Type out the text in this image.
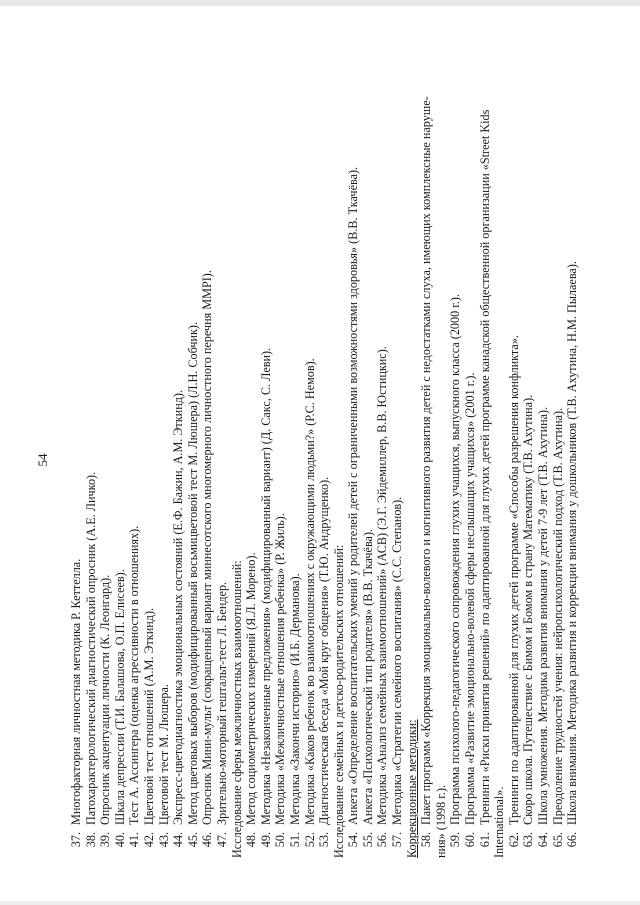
54
37.Многофакторная личностная методика Р. Кеттелла.
38.Патохарактерологический диагностический опросник (А.Е. Личко).
39.Опросник акцентуации личности (К. Леонгард).
40.Шкала депрессии (Т.И. Балашова, О.П. Елисеев).
41.Тест А. Ассингера (оценка агрессивности в отношениях).
42.Цветовой тест отношений (А.М. Эткинд).
43.Цветовой тест М. Люшера.
44.Экспресс-цветодиагностика эмоциональных состояний (Е.Ф. Бажин, А.М. Эткинд).
45.Метод цветовых выборов (модифицированный восьмицветовой тест М. Люшера) (Л.Н. Собчик).
46.Опросник Мини-мульт (сокращенный вариант миннесотского многомерного личностного перечня ММPI).
47.Зрительно-моторный гештальт-тест Л. Бендер. Исследование сферы межличностных взаимоотношений: 48.Метод социометрических измерений (Я.Л. Морено).
49.Методика «Незаконченные предложения» (модифицированный вариант) (Д. Сакс, С. Леви).
50.Методика «Межличностные отношения ребенка» (Р. Жиль).
51.Методика «Закончи историю» (И.Б. Дерманова).
52.Методика «Каков ребенок во взаимоотношениях с окружающими людьми?» (Р.С. Немов).
53.Диагностическая беседа «Мой круг общения» (Т.Ю. Андрущенко). Исследование семейных и детско-родительских отношений: 54.Анкета «Определение воспитательских умений у родителей детей с ограниченными возможностями здоровья» (В.В. Ткачёва).
55.Анкета «Психологический тип родителя» (В.В. Ткачёва).
56.Методика «Анализ семейных взаимоотношений» (АСВ) (Э.Г. Эйдемиллер, В.В. Юстицкис).
57.Методика «Стратегии семейного воспитания» (С.С. Степанов). Коррекционные методики: 58.Пакет программ «Коррекция эмоционально-волевого и когнитивного развития детей с недостатками слуха, имеющих комплексные наруше- ния» (1998 г.). 59.Программа психолого-педагогического сопровождения глухих учащихся, выпускного класса (2000 г.).
60.Программа «Развитие эмоционально-волевой сферы неслышащих учащихся» (2001 г.).
61.Тренинги «Риски принятия решений» по адаптированной для глухих детей программе канадской общественной организации «Street Kids International». 62.Тренинги по адаптированной для глухих детей программе «Способы разрешения конфликта».
63.Скоро школа. Путешествие с Бимом и Бомом в страну Математику (Т.В. Ахутина).
64.Школа умножения. Методика развития внимания у детей 7-9 лет (Т.В. Ахутина).
65.Преодоление трудностей учения: нейропсихологический подход (Т.В. Ахутина).
66.Школа внимания. Методика развития и коррекции внимания у дошкольников (Т.В. Ахутина, Н.М. Пылаева).
